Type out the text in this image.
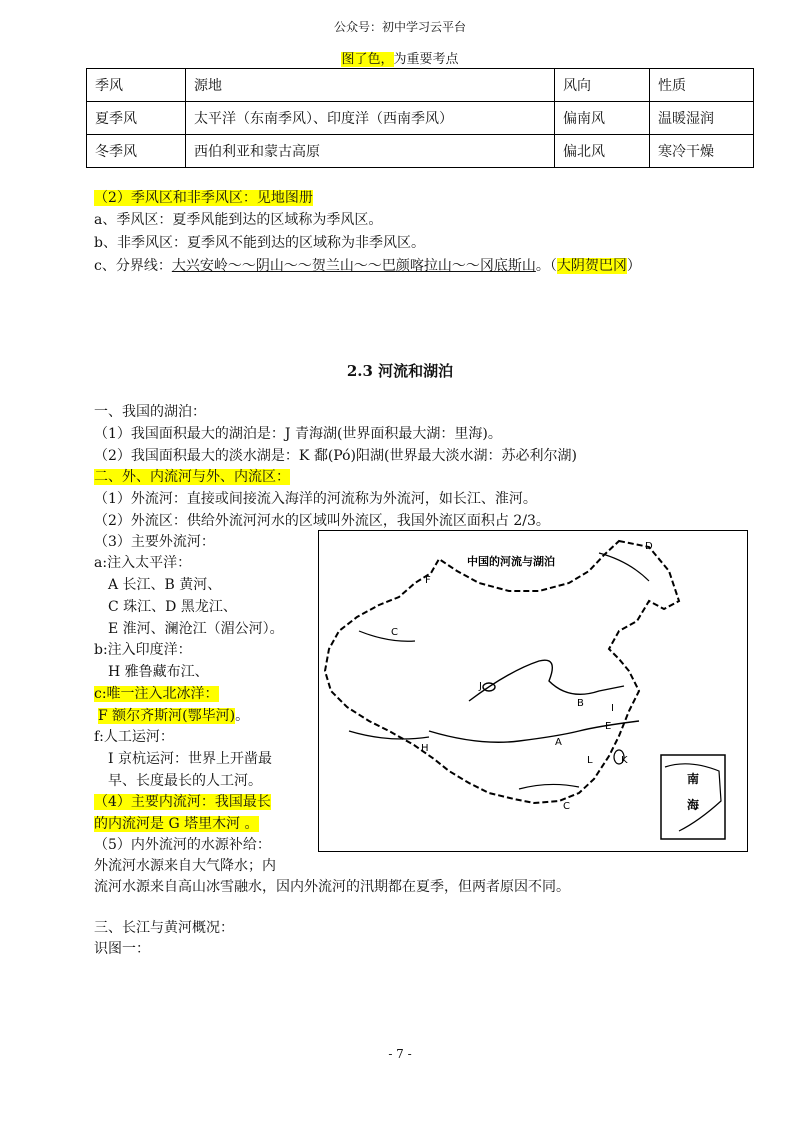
公众号：初中学习云平台
图了色，为重要考点
季风	源地	风向	性质
夏季风	太平洋（东南季风）、印度洋（西南季风）	偏南风	温暖湿润
冬季风	西伯利亚和蒙古高原	偏北风	寒冷干燥
（2）季风区和非季风区：见地图册
a、季风区：夏季风能到达的区域称为季风区。
b、非季风区：夏季风不能到达的区域称为非季风区。
c、分界线：大兴安岭～～阴山～～贺兰山～～巴颜喀拉山～～冈底斯山。（大阴贺巴冈）
2.3 河流和湖泊
一、我国的湖泊：
（1）我国面积最大的湖泊是：J 青海湖(世界面积最大湖：里海)。
（2）我国面积最大的淡水湖是：K 鄱(Pó)阳湖(世界最大淡水湖：苏必利尔湖)
二、外、内流河与外、内流区：
（1）外流河：直接或间接流入海洋的河流称为外流河，如长江、淮河。
（2）外流区：供给外流河河水的区域叫外流区，我国外流区面积占 2/3。
（3）主要外流河：
a:注入太平洋：
A 长江、B 黄河、
C 珠江、D 黑龙江、
E 淮河、澜沧江（湄公河）。
b:注入印度洋：
H 雅鲁藏布江、
c:唯一注入北冰洋：
F 额尔齐斯河(鄂毕河)。
f:人工运河：
I 京杭运河：世界上开凿最
早、长度最长的人工河。
（4）主要内流河：我国最长
的内流河是 G 塔里木河 。
（5）内外流河的水源补给：
外流河水源来自大气降水；内
流河水源来自高山冰雪融水，因内外流河的汛期都在夏季，但两者原因不同。
三、长江与黄河概况：
识图一：
中国的河流与湖泊
A
B
C
C
D
E
F
H
I
J
K
L
南
海
- 7 -
